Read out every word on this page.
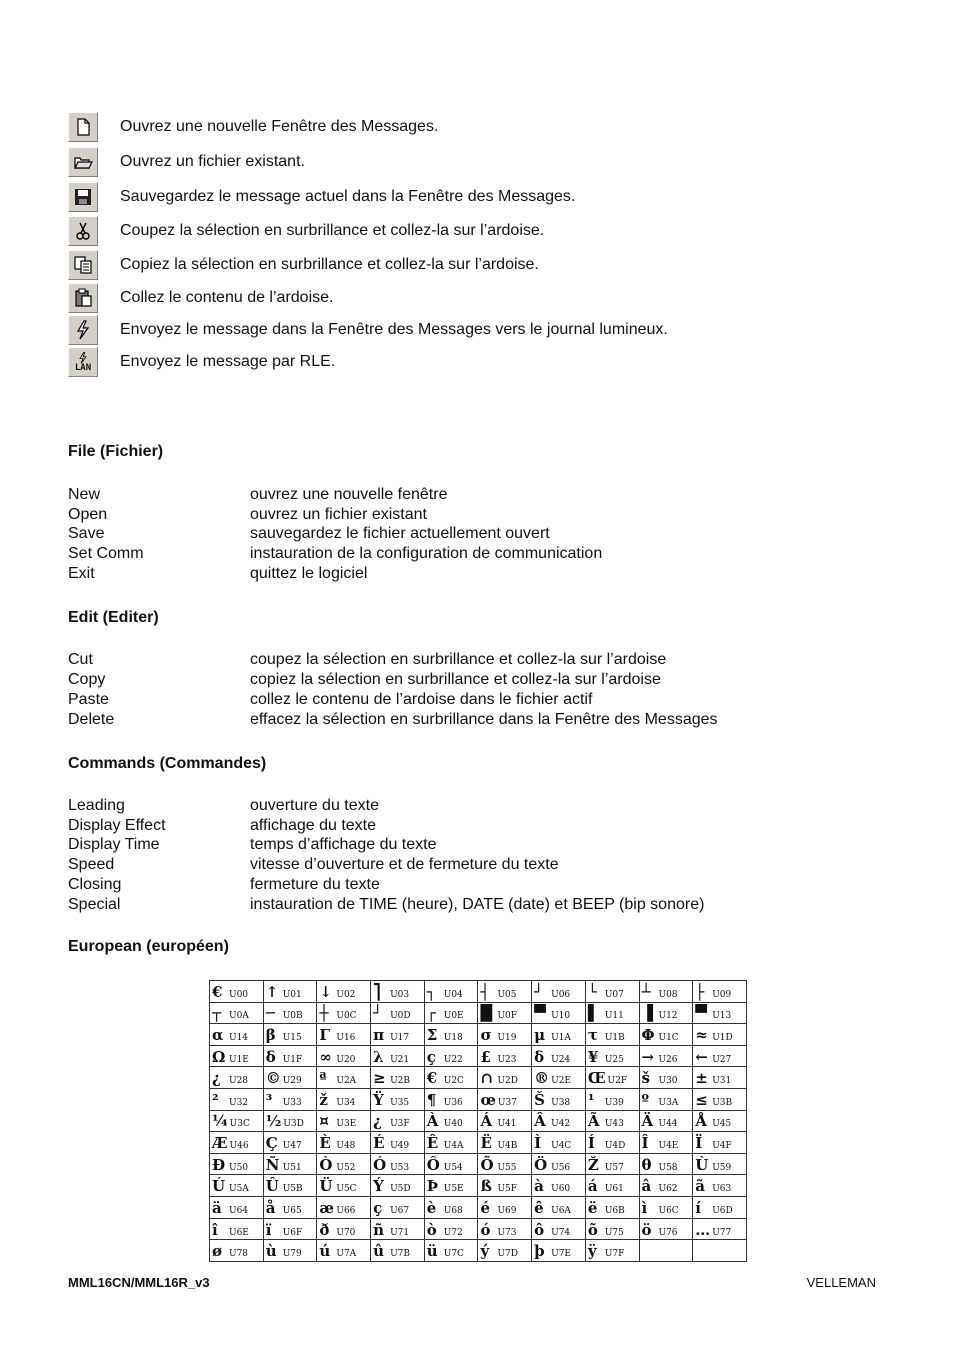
Ouvrez une nouvelle Fenêtre des Messages.
Ouvrez un fichier existant.
Sauvegardez le message actuel dans la Fenêtre des Messages.
Coupez la sélection en surbrillance et collez-la sur l’ardoise.
Copiez la sélection en surbrillance et collez-la sur l’ardoise.
Collez le contenu de l’ardoise.
Envoyez le message dans la Fenêtre des Messages vers le journal lumineux.
LAN Envoyez le message par RLE.
File (Fichier)
New	ouvrez une nouvelle fenêtre
Open	ouvrez un fichier existant
Save	sauvegardez le fichier actuellement ouvert
Set Comm	instauration de la configuration de communication
Exit	quittez le logiciel
Edit (Editer)
Cut	coupez la sélection en surbrillance et collez-la sur l’ardoise
Copy	copiez la sélection en surbrillance et collez-la sur l’ardoise
Paste	collez le contenu de l’ardoise dans le fichier actif
Delete	effacez la sélection en surbrillance dans la Fenêtre des Messages
Commands (Commandes)
Leading	ouverture du texte
Display Effect	affichage du texte
Display Time	temps d’affichage du texte
Speed	vitesse d’ouverture et de fermeture du texte
Closing	fermeture du texte
Special	instauration de TIME (heure), DATE (date) et BEEP (bip sonore)
European (européen)
€ U00	↑ U01	↓ U02	⎤ U03	┐ U04	┤ U05	┘ U06	└ U07	┴ U08	├ U09
┬ U0A	─ U0B	┼ U0C	┘ U0D	┌ U0E	█ U0F	▀ U10	▌ U11	▐ U12	▀ U13
α U14	β U15	Γ U16	π U17	Σ U18	σ U19	μ U1A	τ U1B	Φ U1C	≈ U1D
Ω U1E	δ U1F	∞ U20	λ U21	ç U22	£ U23	δ U24	¥ U25	→ U26	← U27
¿ U28	© U29	ª U2A	≥ U2B	€ U2C	∩ U2D	® U2E	Œ U2F	š U30	± U31
² U32	³ U33	ž U34	Ÿ U35	¶ U36	œ U37	Š U38	¹ U39	º U3A	≤ U3B
¼ U3C	½ U3D	¤ U3E	¿ U3F	À U40	Á U41	Â U42	Ã U43	Ä U44	Å U45
Æ U46	Ç U47	È U48	É U49	Ê U4A	Ë U4B	Ì U4C	Í U4D	Î U4E	Ï U4F
Ð U50	Ñ U51	Ò U52	Ó U53	Ô U54	Õ U55	Ö U56	Ž U57	θ U58	Ù U59
Ú U5A	Û U5B	Ü U5C	Ý U5D	Þ U5E	ß U5F	à U60	á U61	â U62	ã U63
ä U64	å U65	æ U66	ç U67	è U68	é U69	ê U6A	ë U6B	ì U6C	í U6D
î U6E	ï U6F	ð U70	ñ U71	ò U72	ó U73	ô U74	õ U75	ö U76	… U77
ø U78	ù U79	ú U7A	û U7B	ü U7C	ý U7D	þ U7E	ÿ U7F		
MML16CN/MML16R_v3	VELLEMAN
